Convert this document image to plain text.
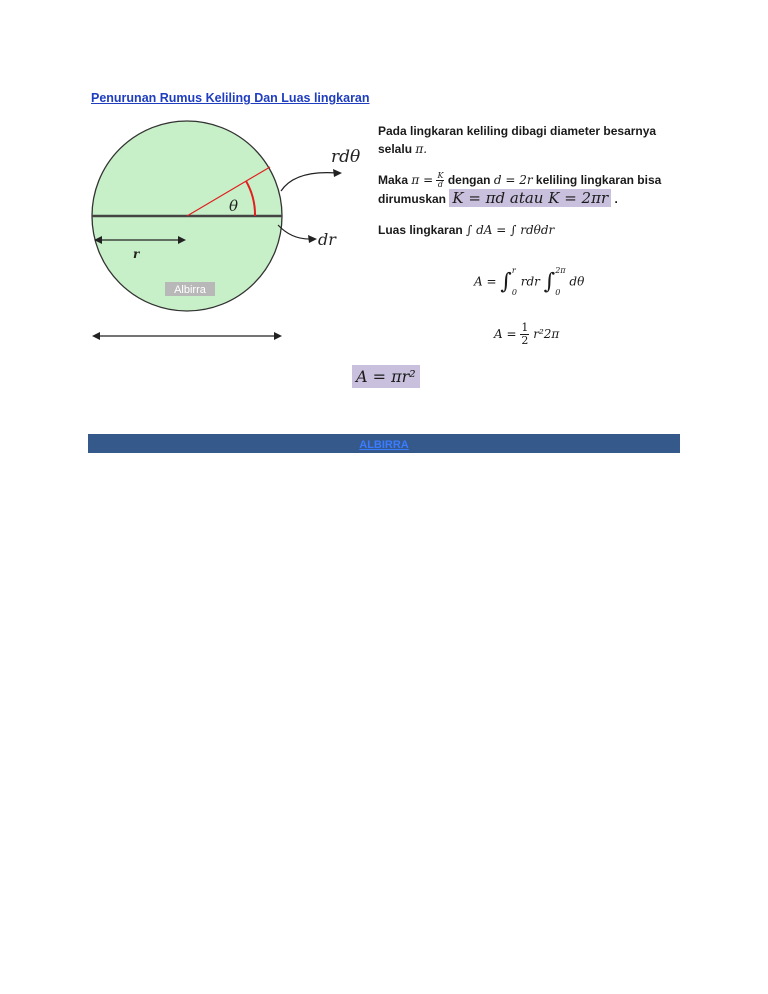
Penurunan Rumus Keliling Dan Luas lingkaran
Albirra
θ
rdθ
dr
r

Pada lingkaran keliling dibagi diameter besarnya selalu π.

Maka $\pi = \frac{K}{d}$ dengan d = 2r keliling lingkaran bisa
dirumuskan K = πd atau K = 2πr .

Luas lingkaran ∫ dA = ∫ rdθdr

A = ∫ r
0
rdr ∫ 2π
0
dθ
$A = \frac{1}{2} r^22\pi$
A = πr²
ALBIRRA
